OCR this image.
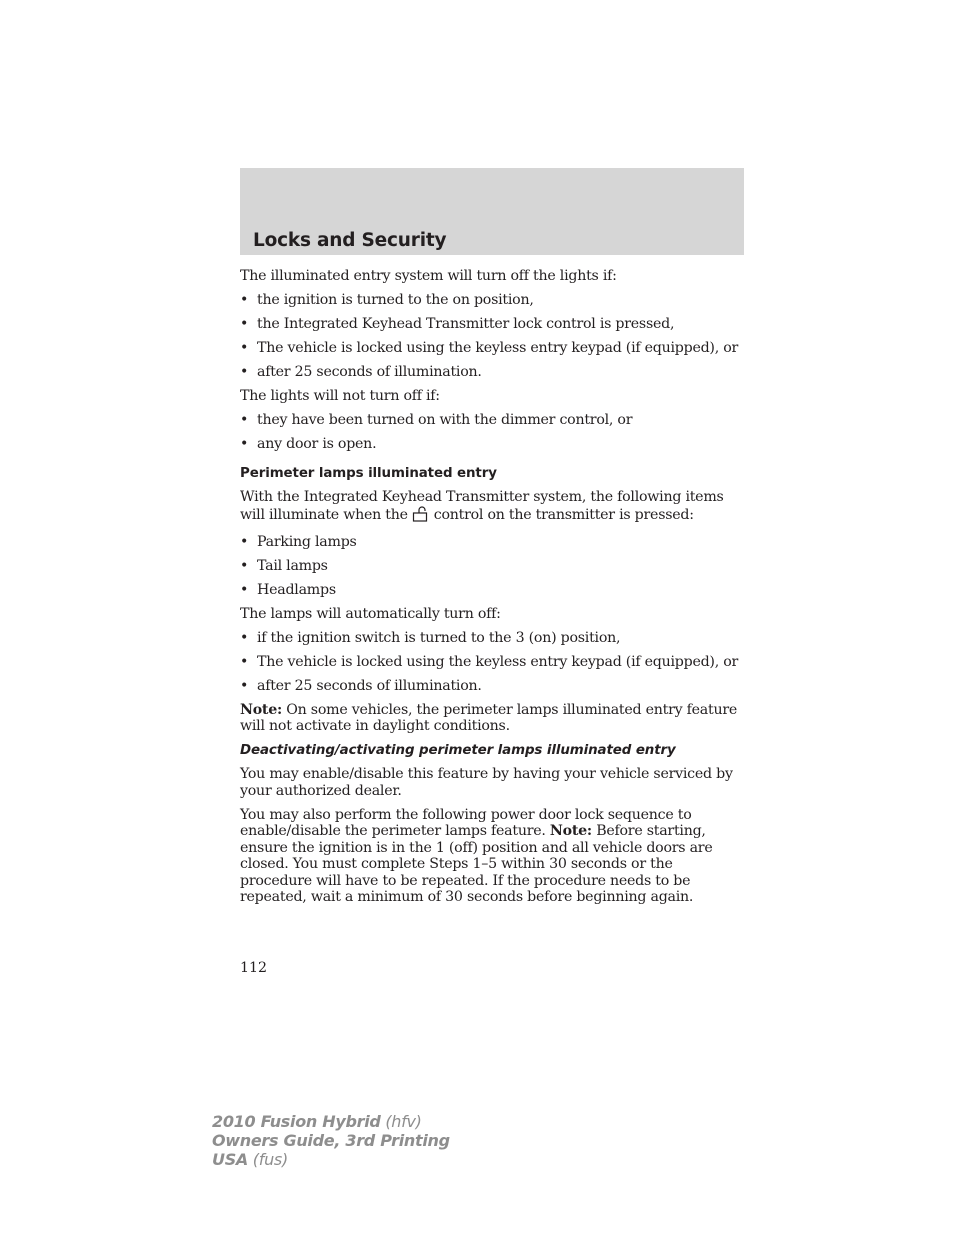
Locks and Security

The illuminated entry system will turn off the lights if:

• the ignition is turned to the on position,
• the Integrated Keyhead Transmitter lock control is pressed,
• The vehicle is locked using the keyless entry keypad (if equipped), or
• after 25 seconds of illumination.

The lights will not turn off if:

• they have been turned on with the dimmer control, or
• any door is open.
Perimeter lamps illuminated entry

With the Integrated Keyhead Transmitter system, the following items will illuminate when the control on the transmitter is pressed:

• Parking lamps
• Tail lamps
• Headlamps

The lamps will automatically turn off:

• if the ignition switch is turned to the 3 (on) position,
• The vehicle is locked using the keyless entry keypad (if equipped), or
• after 25 seconds of illumination.

Note: On some vehicles, the perimeter lamps illuminated entry feature will not activate in daylight conditions.

Deactivating/activating perimeter lamps illuminated entry

You may enable/disable this feature by having your vehicle serviced by your authorized dealer.

You may also perform the following power door lock sequence to enable/disable the perimeter lamps feature. Note: Before starting, ensure the ignition is in the 1 (off) position and all vehicle doors are closed. You must complete Steps 1–5 within 30 seconds or the procedure will have to be repeated. If the procedure needs to be repeated, wait a minimum of 30 seconds before beginning again.

112
2010 Fusion Hybrid (hfv)
Owners Guide, 3rd Printing
USA (fus)
